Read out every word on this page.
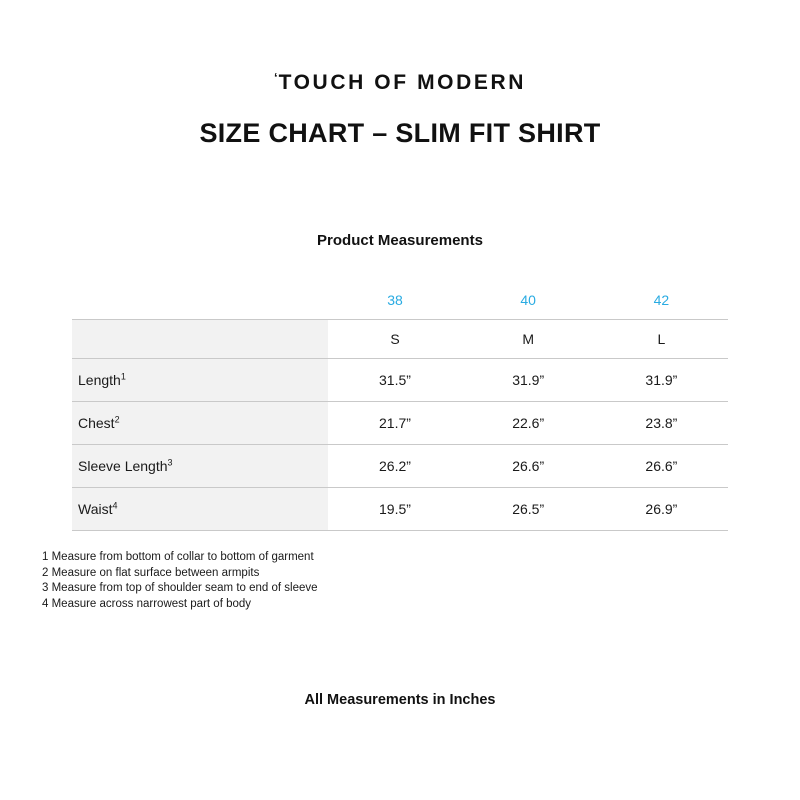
‘TOUCH OF MODERN
SIZE CHART – SLIM FIT SHIRT
Product Measurements
	38	40	42
	S	M	L
Length$^1$	31.5”	31.9”	31.9”
Chest$^2$	21.7”	22.6”	23.8”
Sleeve Length$^3$	26.2”	26.6”	26.6”
Waist$^4$	19.5”	26.5”	26.9”
1 Measure from bottom of collar to bottom of garment
2 Measure on flat surface between armpits
3 Measure from top of shoulder seam to end of sleeve
4 Measure across narrowest part of body
All Measurements in Inches
